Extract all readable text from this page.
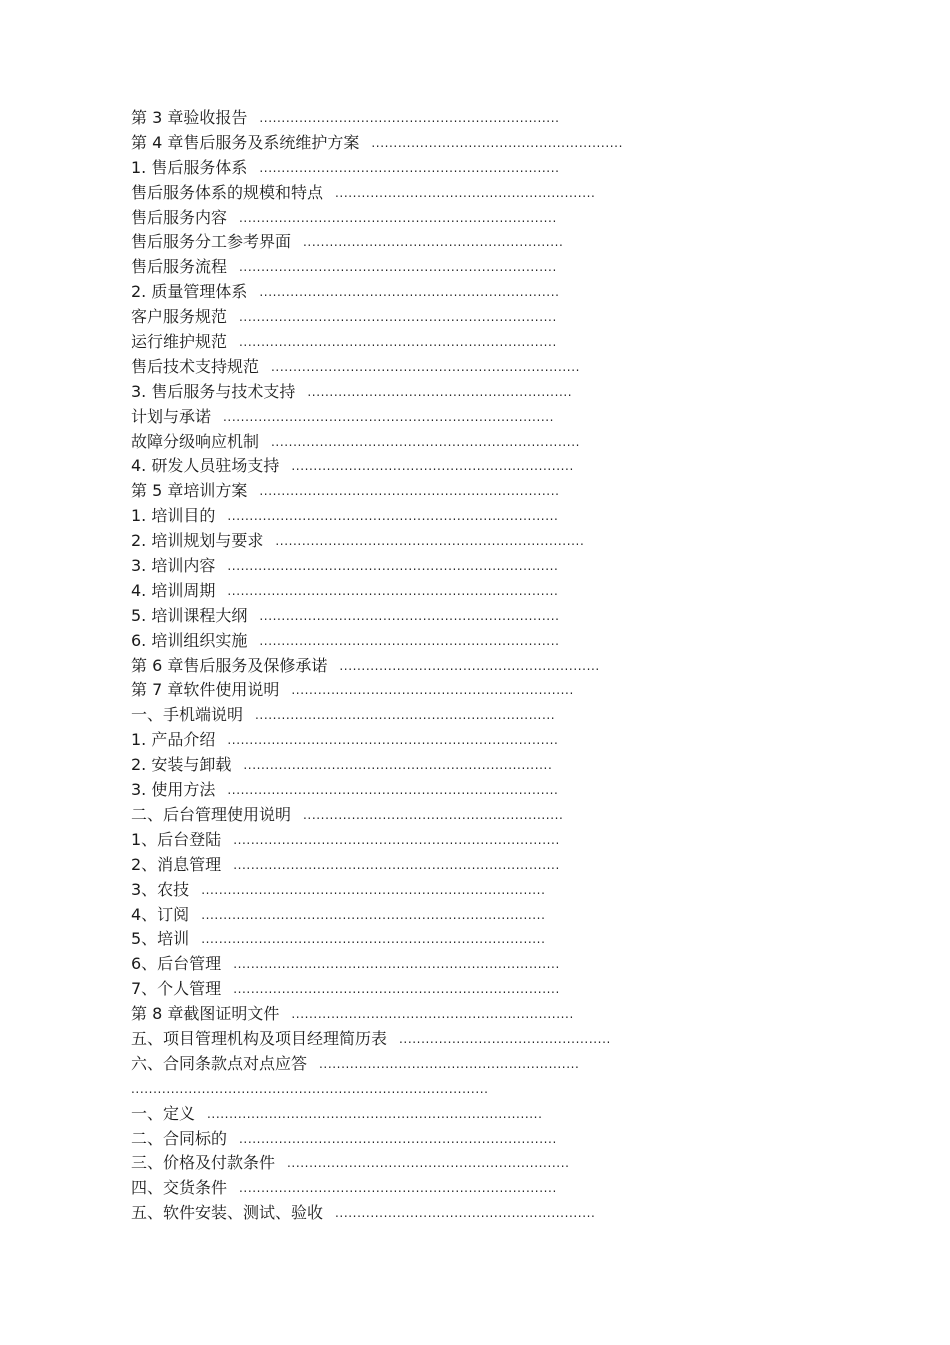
第 3 章验收报告 ....................................................................
第 4 章售后服务及系统维护方案 .........................................................
1. 售后服务体系 ....................................................................
售后服务体系的规模和特点 ...........................................................
售后服务内容 ........................................................................
售后服务分工参考界面 ...........................................................
售后服务流程 ........................................................................
2. 质量管理体系 ....................................................................
客户服务规范 ........................................................................
运行维护规范 ........................................................................
售后技术支持规范 ......................................................................
3. 售后服务与技术支持 ............................................................
计划与承诺 ...........................................................................
故障分级响应机制 ......................................................................
4. 研发人员驻场支持 ................................................................
第 5 章培训方案 ....................................................................
1. 培训目的 ...........................................................................
2. 培训规划与要求 ......................................................................
3. 培训内容 ...........................................................................
4. 培训周期 ...........................................................................
5. 培训课程大纲 ....................................................................
6. 培训组织实施 ....................................................................
第 6 章售后服务及保修承诺 ...........................................................
第 7 章软件使用说明 ................................................................
一、手机端说明 ....................................................................
1. 产品介绍 ...........................................................................
2. 安装与卸载 ......................................................................
3. 使用方法 ...........................................................................
二、后台管理使用说明 ...........................................................
1、后台登陆 ..........................................................................
2、消息管理 ..........................................................................
3、农技 ..............................................................................
4、订阅 ..............................................................................
5、培训 ..............................................................................
6、后台管理 ..........................................................................
7、个人管理 ..........................................................................
第 8 章截图证明文件 ................................................................
五、项目管理机构及项目经理简历表 ................................................
六、合同条款点对点应答 ...........................................................
.................................................................................
一、定义 ............................................................................
二、合同标的 ........................................................................
三、价格及付款条件 ................................................................
四、交货条件 ........................................................................
五、软件安装、测试、验收 ...........................................................
